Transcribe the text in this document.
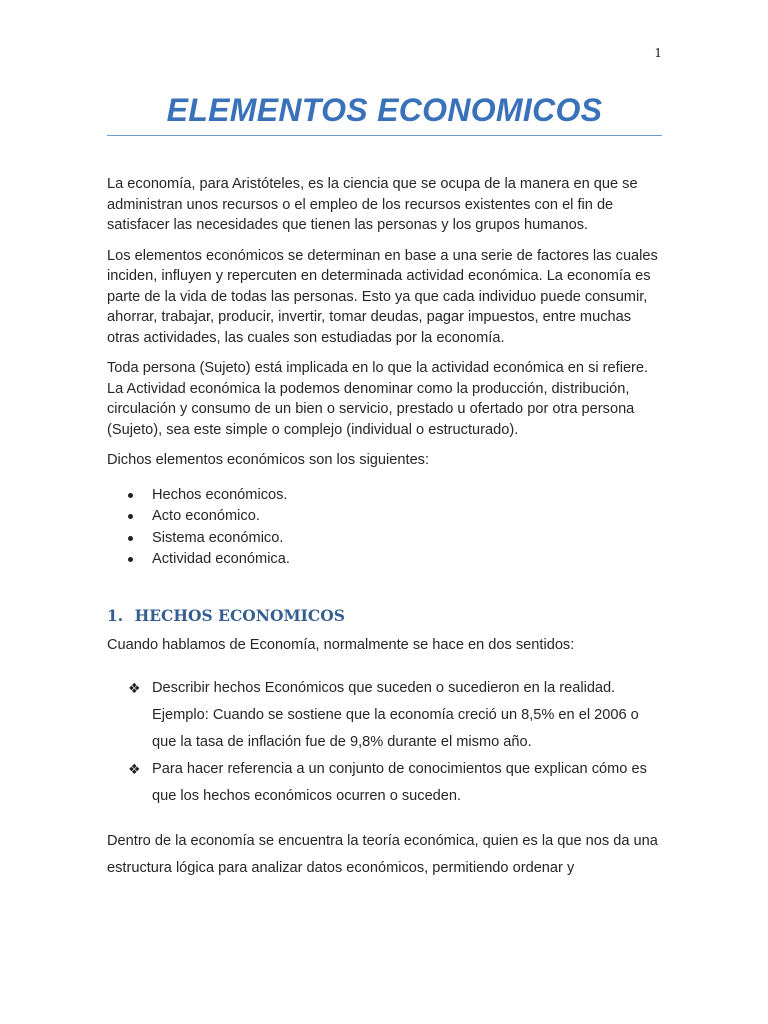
1
ELEMENTOS ECONOMICOS

La economía, para Aristóteles, es la ciencia que se ocupa de la manera en que se administran unos recursos o el empleo de los recursos existentes con el fin de satisfacer las necesidades que tienen las personas y los grupos humanos.

Los elementos económicos se determinan en base a una serie de factores las cuales inciden, influyen y repercuten en determinada actividad económica. La economía es parte de la vida de todas las personas. Esto ya que cada individuo puede consumir, ahorrar, trabajar, producir, invertir, tomar deudas, pagar impuestos, entre muchas otras actividades, las cuales son estudiadas por la economía.

Toda persona (Sujeto) está implicada en lo que la actividad económica en si refiere. La Actividad económica la podemos denominar como la producción, distribución, circulación y consumo de un bien o servicio, prestado u ofertado por otra persona (Sujeto), sea este simple o complejo (individual o estructurado).

Dichos elementos económicos son los siguientes:

Hechos económicos.
Acto económico.
Sistema económico.
Actividad económica.
1. HECHOS ECONOMICOS

Cuando hablamos de Economía, normalmente se hace en dos sentidos:

❖ Describir hechos Económicos que suceden o sucedieron en la realidad. Ejemplo: Cuando se sostiene que la economía creció un 8,5% en el 2006 o que la tasa de inflación fue de 9,8% durante el mismo año.
❖ Para hacer referencia a un conjunto de conocimientos que explican cómo es que los hechos económicos ocurren o suceden.

Dentro de la economía se encuentra la teoría económica, quien es la que nos da una estructura lógica para analizar datos económicos, permitiendo ordenar y
